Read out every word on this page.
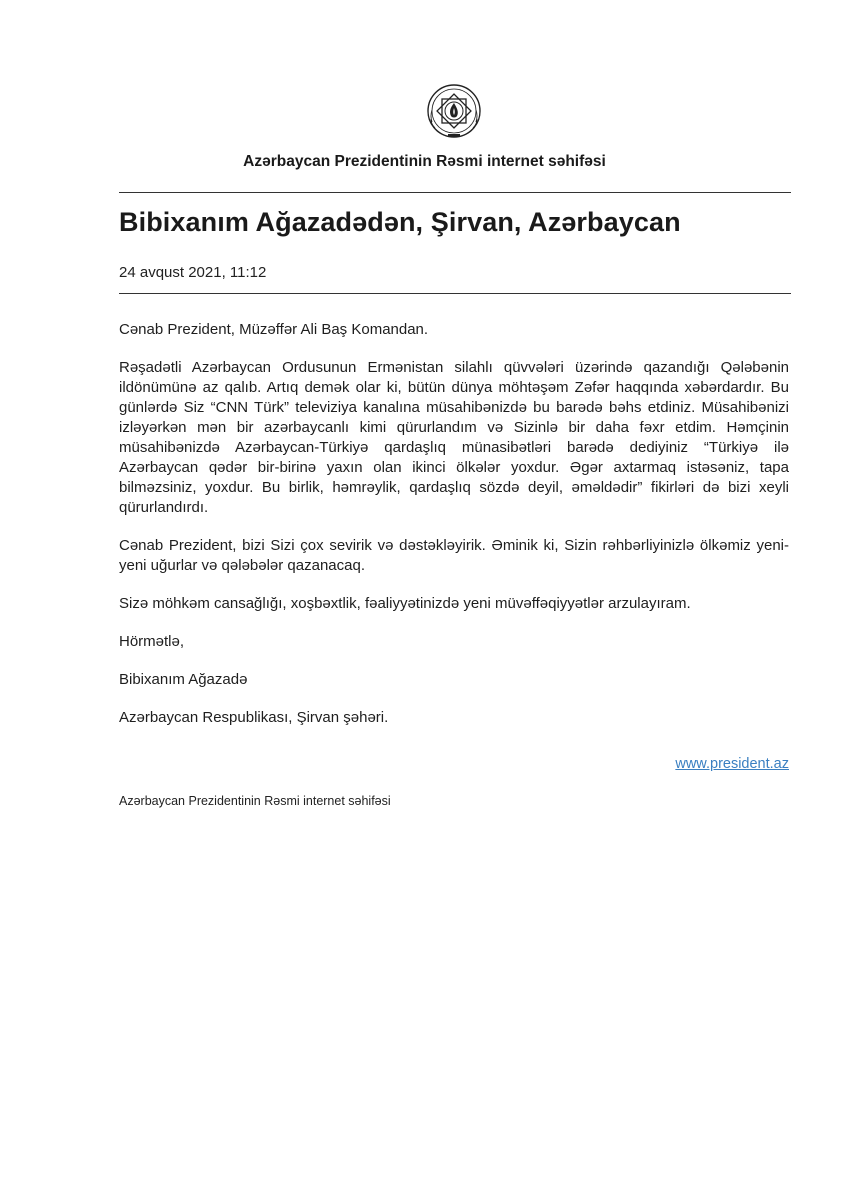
Azərbaycan Prezidentinin Rəsmi internet səhifəsi
Bibixanım Ağazadədən, Şirvan, Azərbaycan
24 avqust 2021, 11:12

Cənab Prezident, Müzəffər Ali Baş Komandan.

Rəşadətli Azərbaycan Ordusunun Ermənistan silahlı qüvvələri üzərində qazandığı Qələbənin ildönümünə az qalıb. Artıq demək olar ki, bütün dünya möhtəşəm Zəfər haqqında xəbərdardır. Bu günlərdə Siz “CNN Türk” televiziya kanalına müsahibənizdə bu barədə bəhs etdiniz. Müsahibənizi izləyərkən mən bir azərbaycanlı kimi qürurlandım və Sizinlə bir daha fəxr etdim. Həmçinin müsahibənizdə Azərbaycan-Türkiyə qardaşlıq münasibətləri barədə dediyiniz “Türkiyə ilə Azərbaycan qədər bir-birinə yaxın olan ikinci ölkələr yoxdur. Əgər axtarmaq istəsəniz, tapa bilməzsiniz, yoxdur. Bu birlik, həmrəylik, qardaşlıq sözdə deyil, əməldədir” fikirləri də bizi xeyli qürurlandırdı.

Cənab Prezident, bizi Sizi çox sevirik və dəstəkləyirik. Əminik ki, Sizin rəhbərliyinizlə ölkəmiz yeni-yeni uğurlar və qələbələr qazanacaq.

Sizə möhkəm cansağlığı, xoşbəxtlik, fəaliyyətinizdə yeni müvəffəqiyyətlər arzulayıram.

Hörmətlə,

Bibixanım Ağazadə

Azərbaycan Respublikası, Şirvan şəhəri.

www.president.az
Azərbaycan Prezidentinin Rəsmi internet səhifəsi
